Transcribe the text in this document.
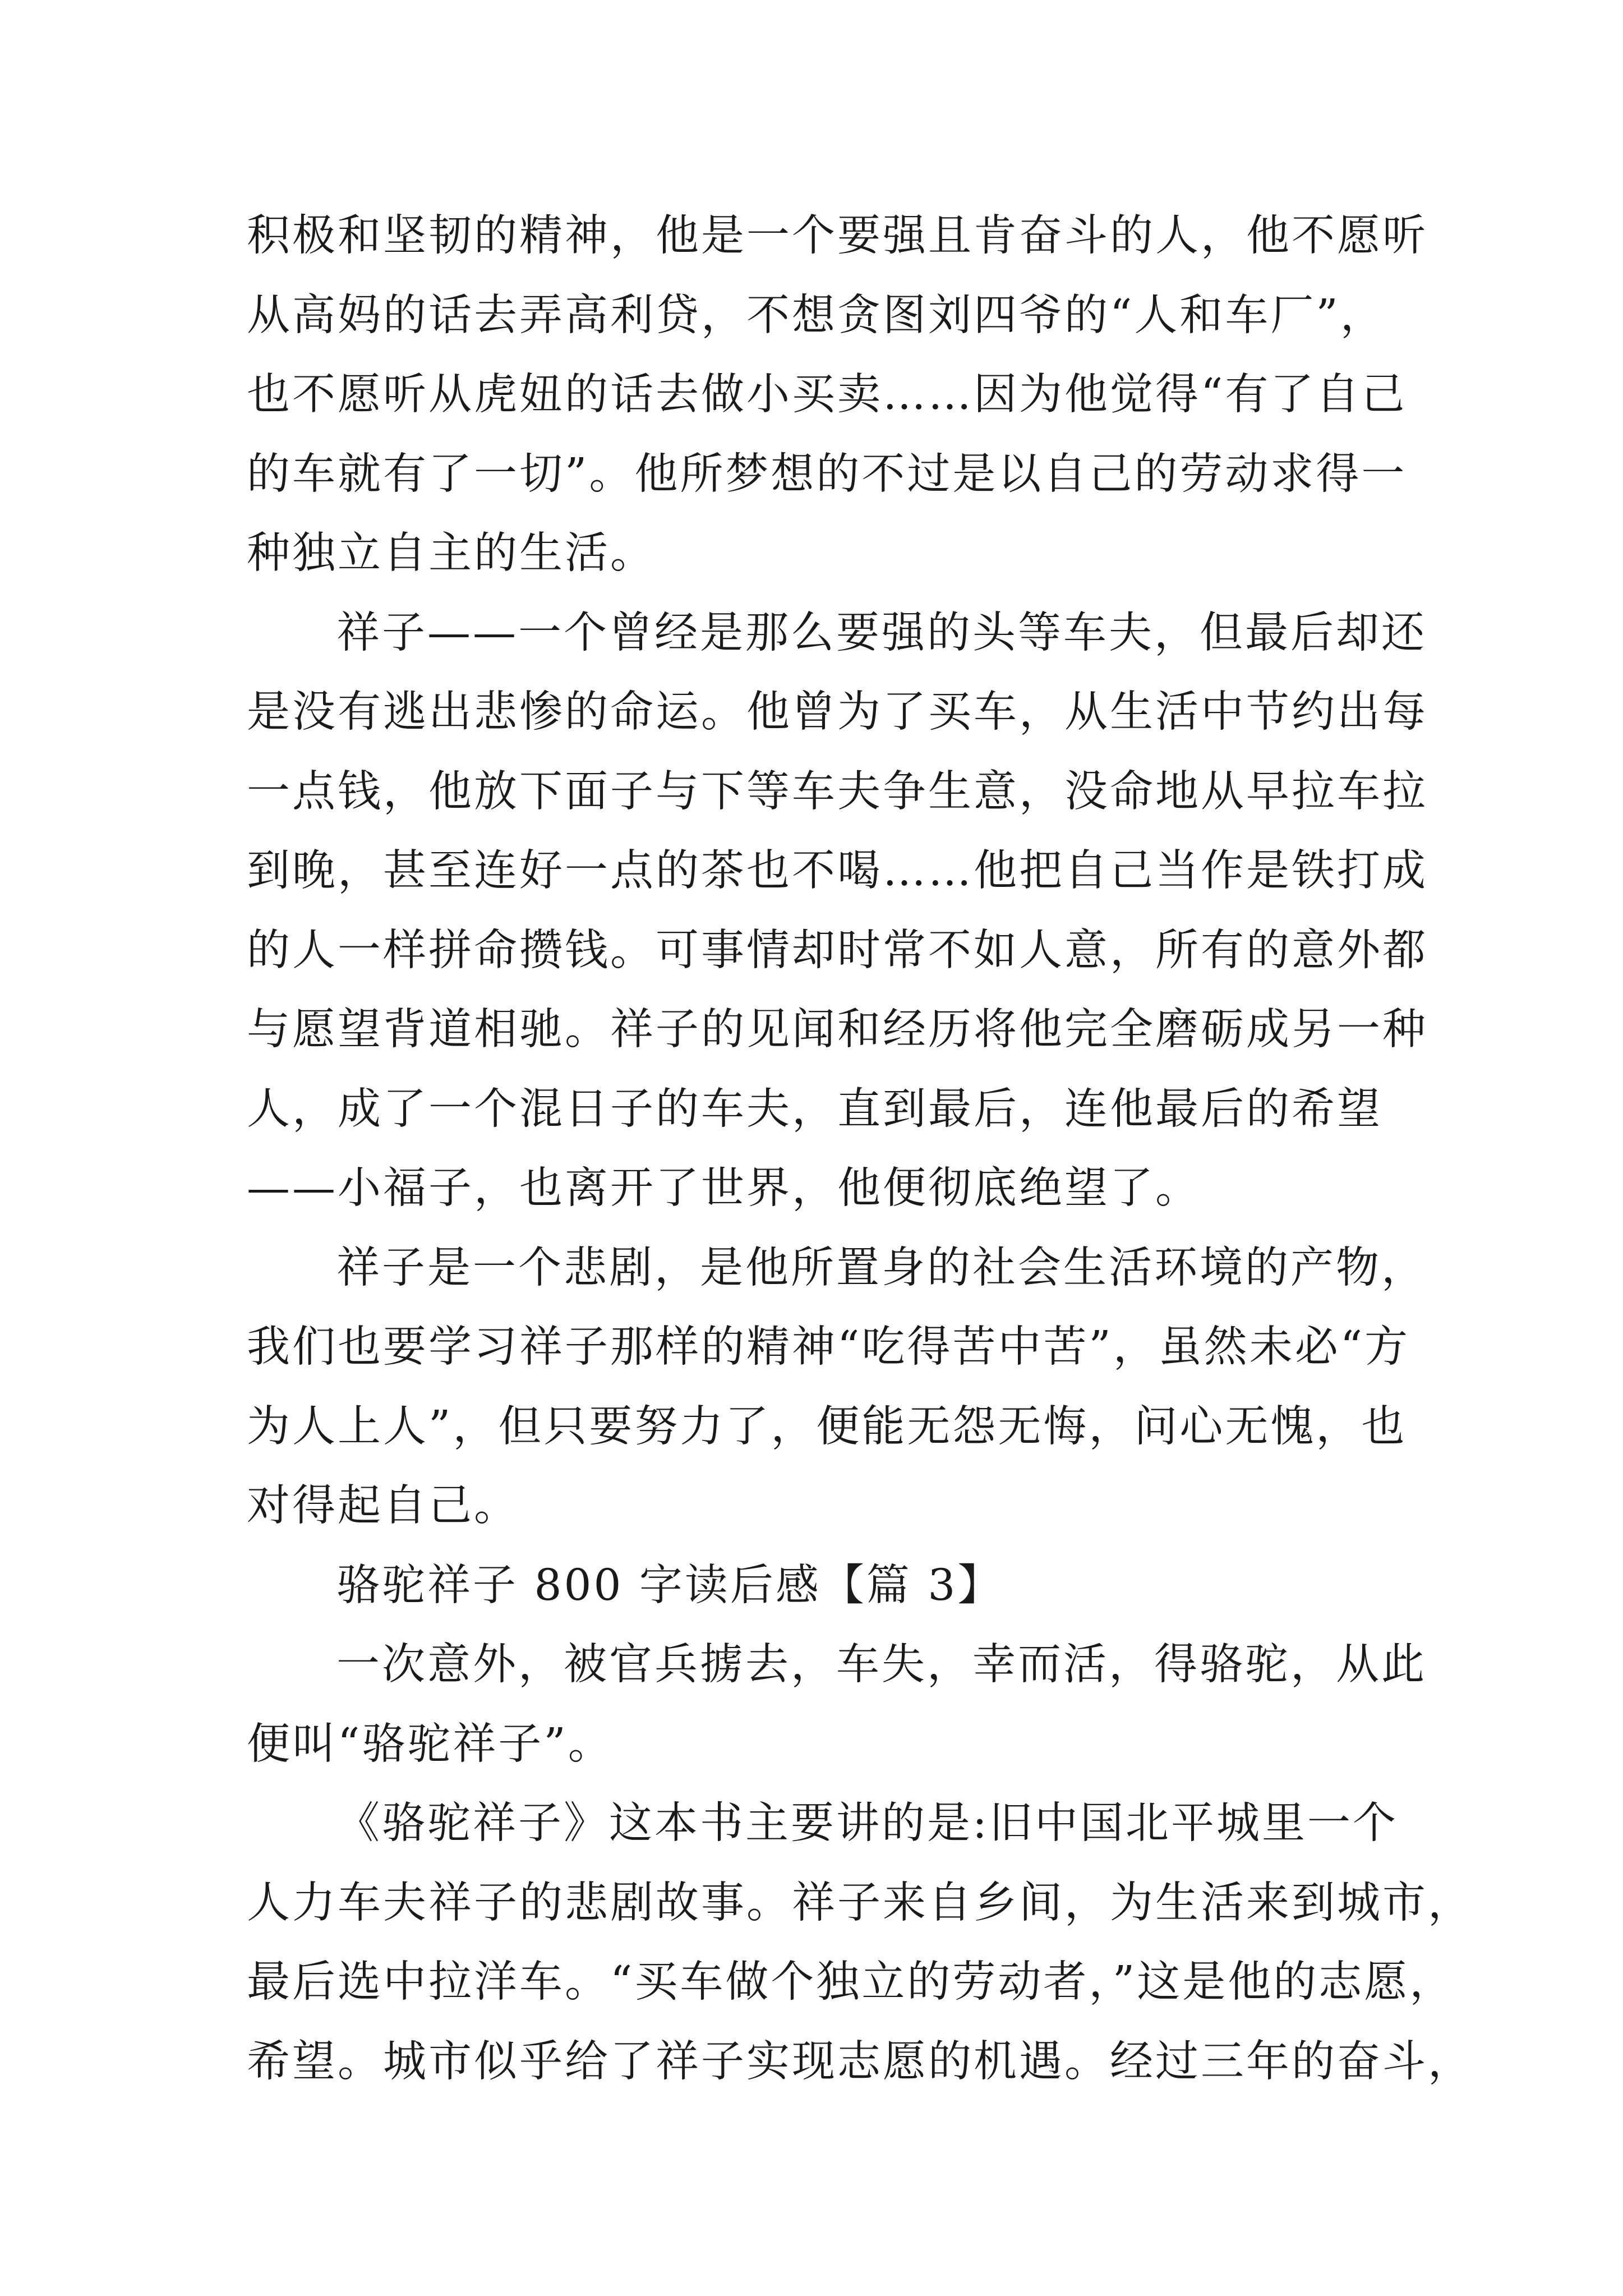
积极和坚韧的精神，他是一个要强且肯奋斗的人，他不愿听
从高妈的话去弄高利贷，不想贪图刘四爷的“人和车厂”，
也不愿听从虎妞的话去做小买卖……因为他觉得“有了自己
的车就有了一切”。他所梦想的不过是以自己的劳动求得一
种独立自主的生活。
祥子——一个曾经是那么要强的头等车夫，但最后却还
是没有逃出悲惨的命运。他曾为了买车，从生活中节约出每
一点钱，他放下面子与下等车夫争生意，没命地从早拉车拉
到晚，甚至连好一点的茶也不喝……他把自己当作是铁打成
的人一样拼命攒钱。可事情却时常不如人意，所有的意外都
与愿望背道相驰。祥子的见闻和经历将他完全磨砺成另一种
人，成了一个混日子的车夫，直到最后，连他最后的希望
——小福子，也离开了世界，他便彻底绝望了。
祥子是一个悲剧，是他所置身的社会生活环境的产物，
我们也要学习祥子那样的精神“吃得苦中苦”，虽然未必“方
为人上人”，但只要努力了，便能无怨无悔，问心无愧，也
对得起自己。
骆驼祥子 800 字读后感【篇 3】
一次意外，被官兵掳去，车失，幸而活，得骆驼，从此
便叫“骆驼祥子”。
《骆驼祥子》这本书主要讲的是:旧中国北平城里一个
人力车夫祥子的悲剧故事。祥子来自乡间，为生活来到城市，
最后选中拉洋车。“买车做个独立的劳动者，”这是他的志愿，
希望。城市似乎给了祥子实现志愿的机遇。经过三年的奋斗，
